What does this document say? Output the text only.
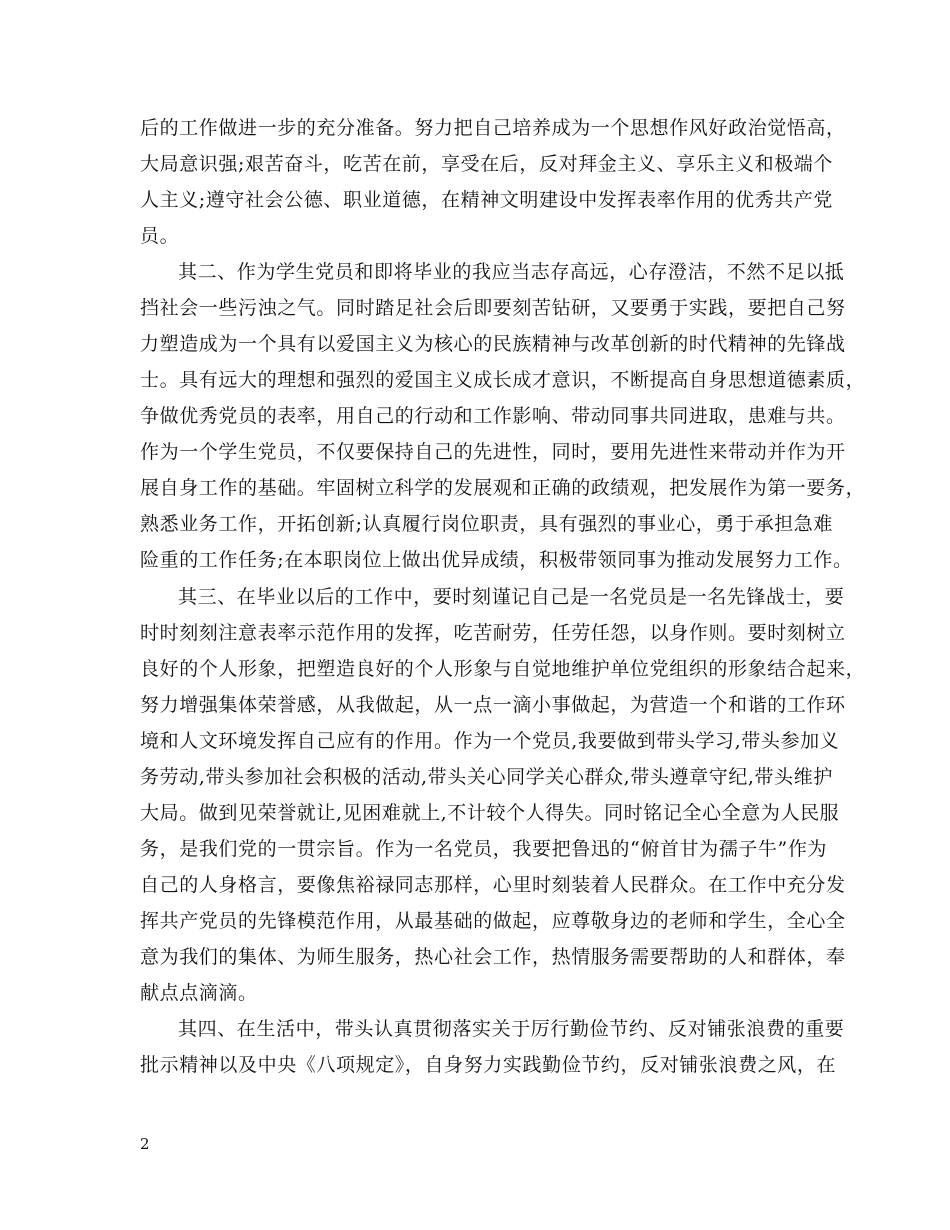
后的工作做进一步的充分准备。努力把自己培养成为一个思想作风好政治觉悟高，
大局意识强;艰苦奋斗，吃苦在前，享受在后，反对拜金主义、享乐主义和极端个
人主义;遵守社会公德、职业道德，在精神文明建设中发挥表率作用的优秀共产党
员。
其二、作为学生党员和即将毕业的我应当志存高远，心存澄洁，不然不足以抵
挡社会一些污浊之气。同时踏足社会后即要刻苦钻研，又要勇于实践，要把自己努
力塑造成为一个具有以爱国主义为核心的民族精神与改革创新的时代精神的先锋战
士。具有远大的理想和强烈的爱国主义成长成才意识，不断提高自身思想道德素质，
争做优秀党员的表率，用自己的行动和工作影响、带动同事共同进取，患难与共。
作为一个学生党员，不仅要保持自己的先进性，同时，要用先进性来带动并作为开
展自身工作的基础。牢固树立科学的发展观和正确的政绩观，把发展作为第一要务，
熟悉业务工作，开拓创新;认真履行岗位职责，具有强烈的事业心，勇于承担急难
险重的工作任务;在本职岗位上做出优异成绩，积极带领同事为推动发展努力工作。
其三、在毕业以后的工作中，要时刻谨记自己是一名党员是一名先锋战士，要
时时刻刻注意表率示范作用的发挥，吃苦耐劳，任劳任怨，以身作则。要时刻树立
良好的个人形象，把塑造良好的个人形象与自觉地维护单位党组织的形象结合起来，
努力增强集体荣誉感，从我做起，从一点一滴小事做起，为营造一个和谐的工作环
境和人文环境发挥自己应有的作用。作为一个党员,我要做到带头学习,带头参加义
务劳动,带头参加社会积极的活动,带头关心同学关心群众,带头遵章守纪,带头维护
大局。做到见荣誉就让,见困难就上,不计较个人得失。同时铭记全心全意为人民服
务，是我们党的一贯宗旨。作为一名党员，我要把鲁迅的“俯首甘为孺子牛”作为
自己的人身格言，要像焦裕禄同志那样，心里时刻装着人民群众。在工作中充分发
挥共产党员的先锋模范作用，从最基础的做起，应尊敬身边的老师和学生，全心全
意为我们的集体、为师生服务，热心社会工作，热情服务需要帮助的人和群体，奉
献点点滴滴。
其四、在生活中，带头认真贯彻落实关于厉行勤俭节约、反对铺张浪费的重要
批示精神以及中央《八项规定》，自身努力实践勤俭节约，反对铺张浪费之风，在
2
